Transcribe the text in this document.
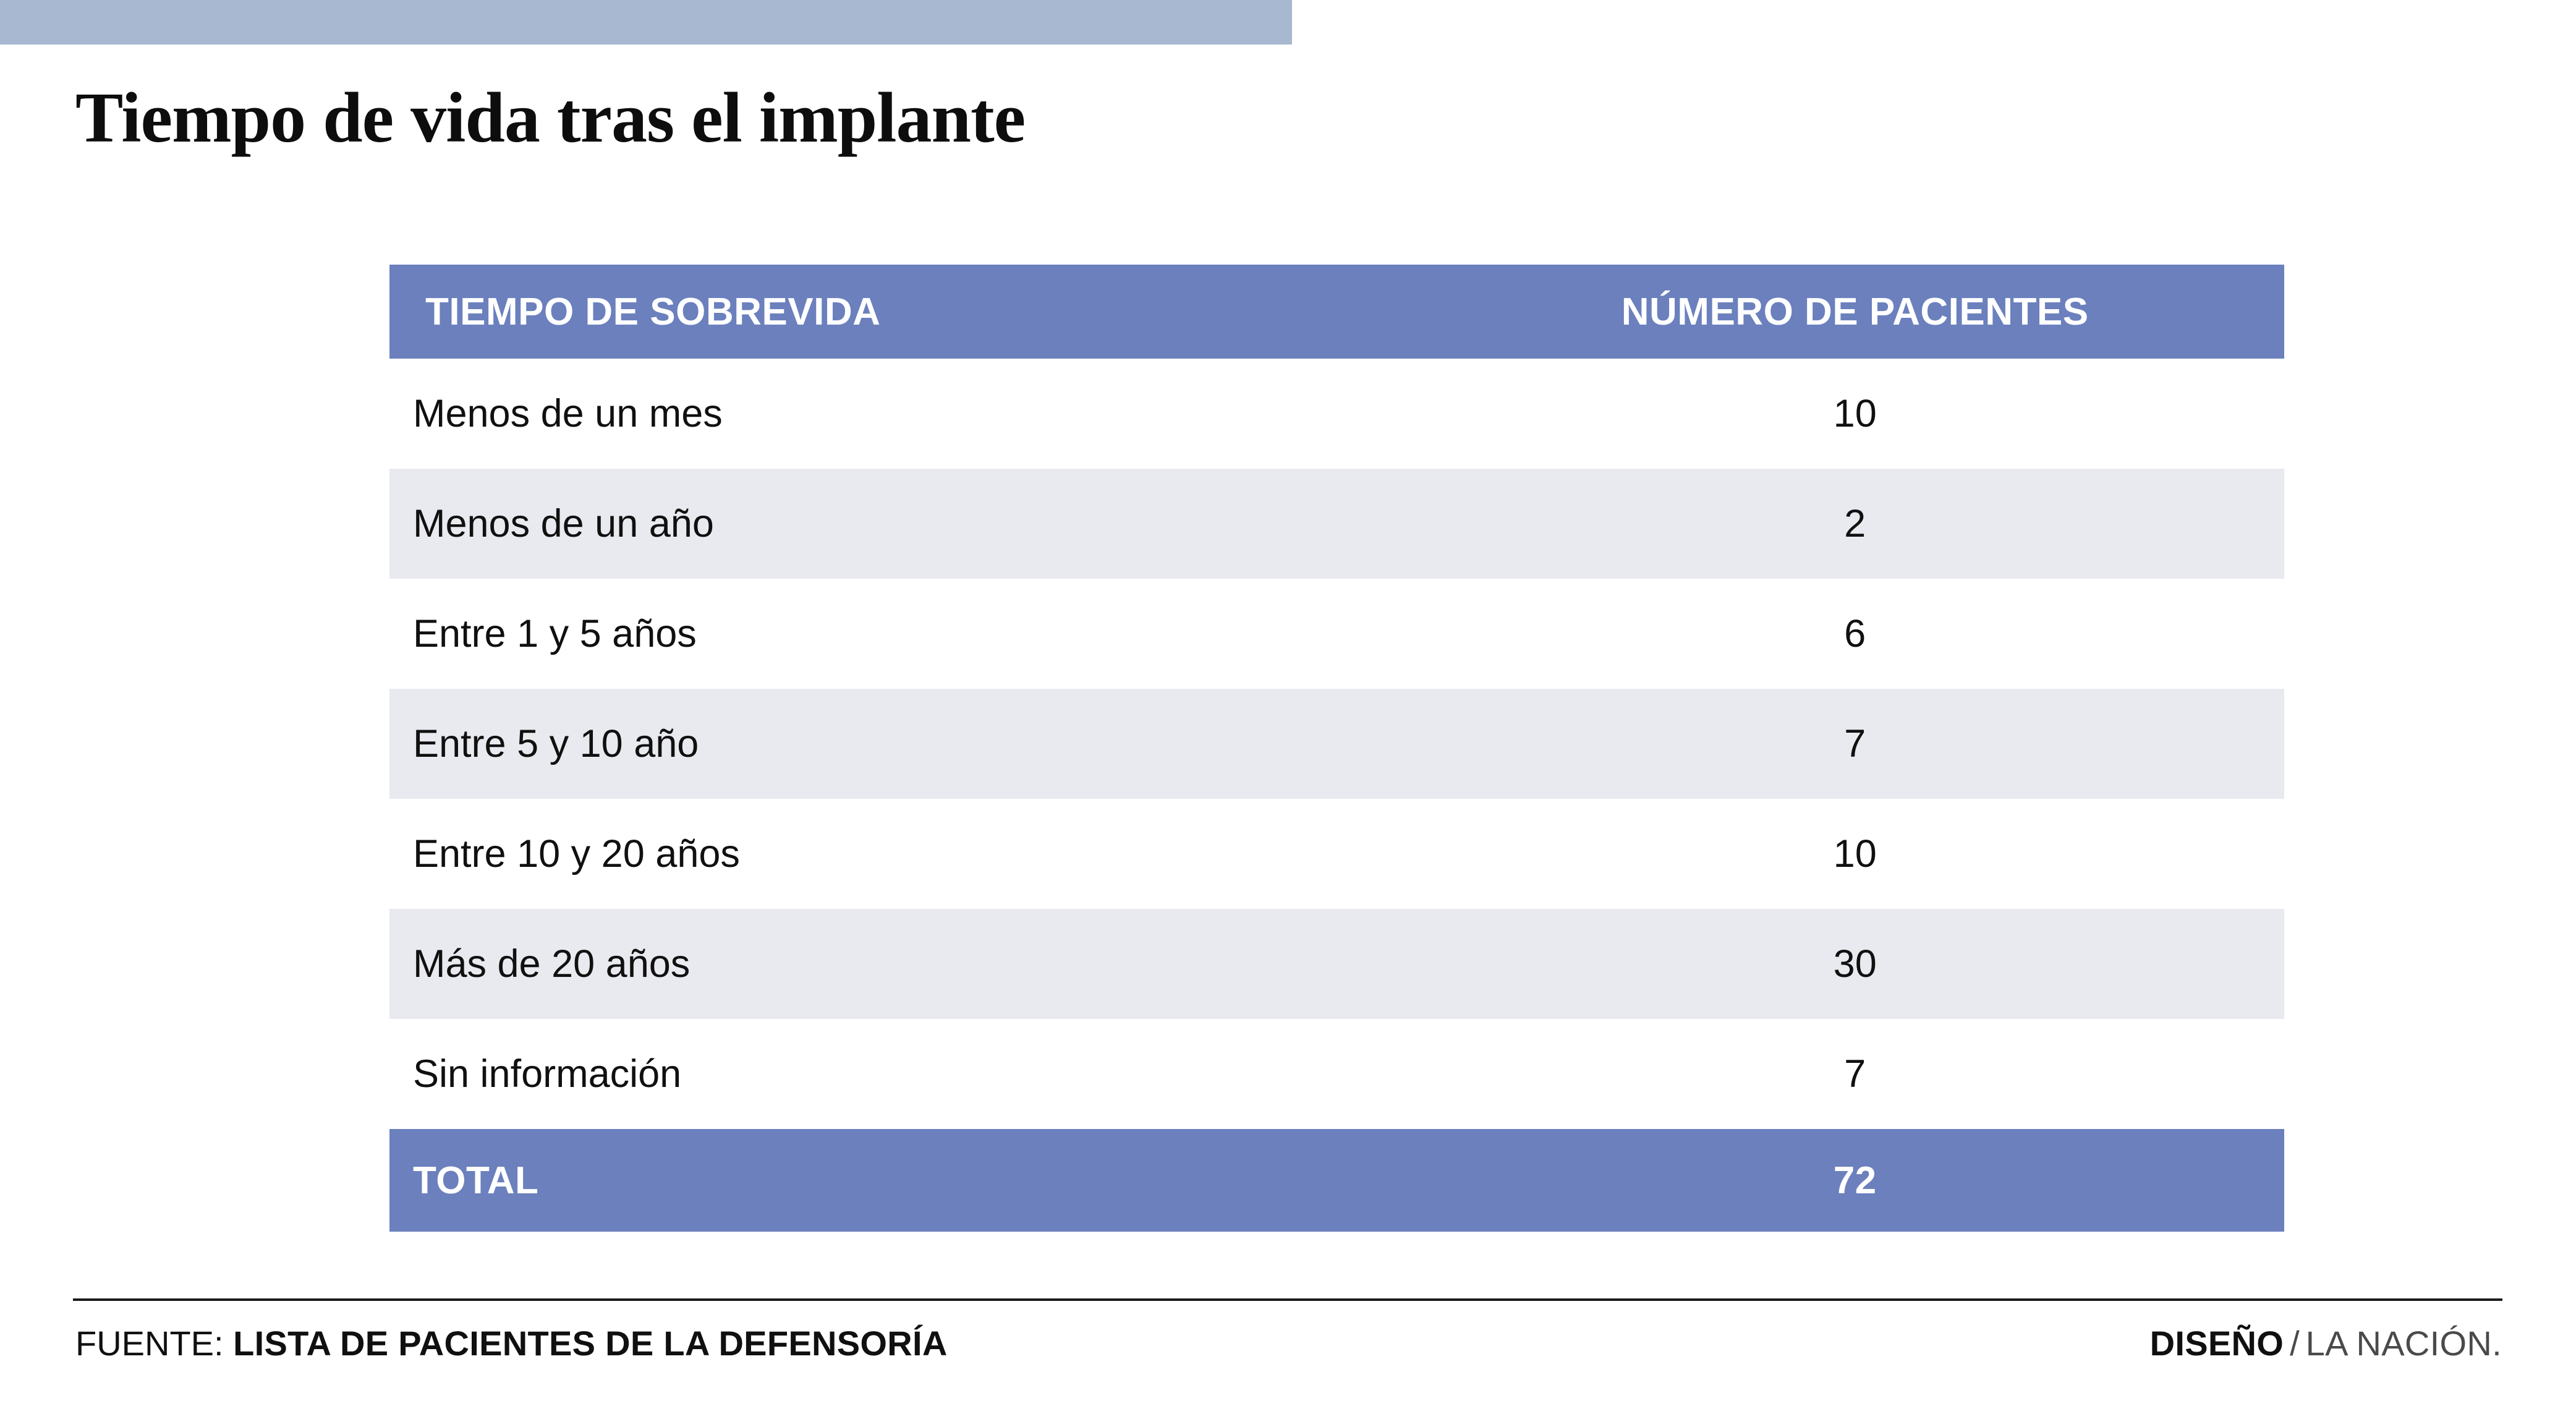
Tiempo de vida tras el implante
TIEMPO DE SOBREVIDA	NÚMERO DE PACIENTES
Menos de un mes	10
Menos de un año	2
Entre 1 y 5 años	6
Entre 5 y 10 año	7
Entre 10 y 20 años	10
Más de 20 años	30
Sin información	7
TOTAL	72
FUENTE: LISTA DE PACIENTES DE LA DEFENSORÍA	DISEÑO / LA NACIÓN.
